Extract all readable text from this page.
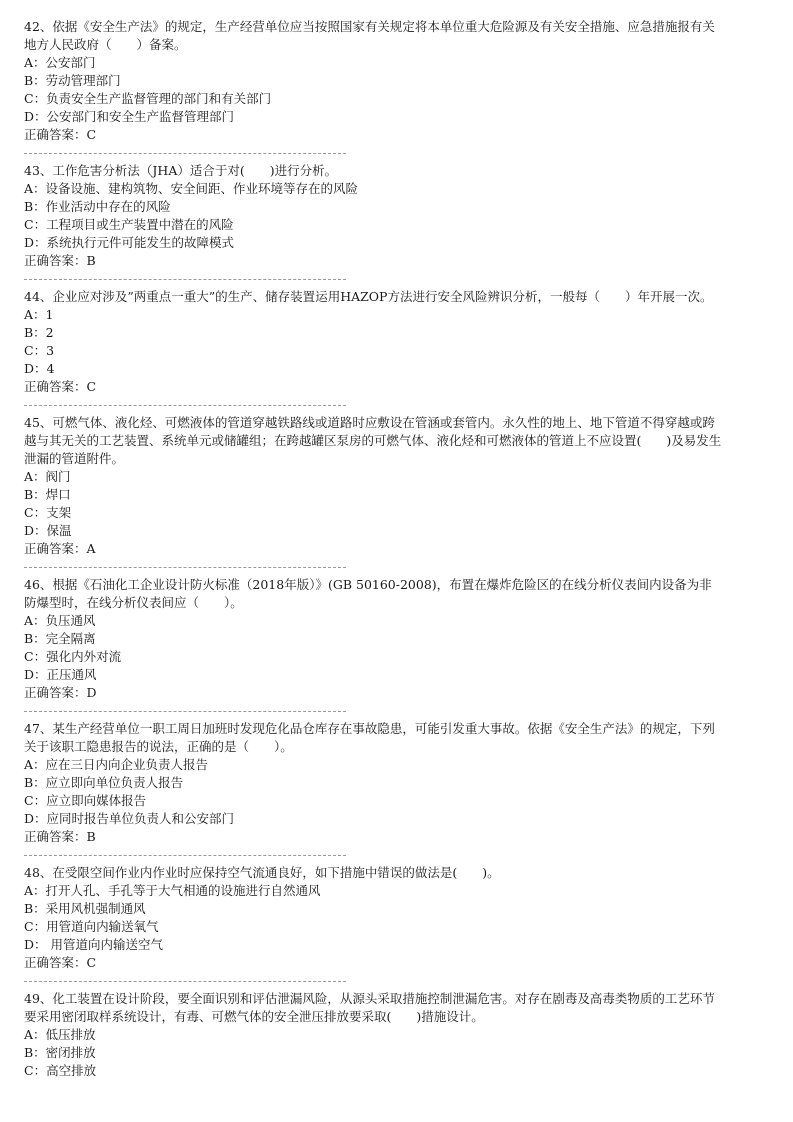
42、依据《安全生产法》的规定，生产经营单位应当按照国家有关规定将本单位重大危险源及有关安全措施、应急措施报有关地方人民政府（　　）备案。
A：公安部门
B：劳动管理部门
C：负责安全生产监督管理的部门和有关部门
D：公安部门和安全生产监督管理部门
正确答案：C
43、工作危害分析法（JHA）适合于对(　　)进行分析。
A：设备设施、建构筑物、安全间距、作业环境等存在的风险
B：作业活动中存在的风险
C：工程项目或生产装置中潜在的风险
D：系统执行元件可能发生的故障模式
正确答案：B
44、企业应对涉及”两重点一重大”的生产、储存装置运用HAZOP方法进行安全风险辨识分析，一般每（　　）年开展一次。
A：1
B：2
C：3
D：4
正确答案：C
45、可燃气体、液化烃、可燃液体的管道穿越铁路线或道路时应敷设在管涵或套管内。永久性的地上、地下管道不得穿越或跨越与其无关的工艺装置、系统单元或储罐组；在跨越罐区泵房的可燃气体、液化烃和可燃液体的管道上不应设置(　　)及易发生泄漏的管道附件。
A：阀门
B：焊口
C：支架
D：保温
正确答案：A
46、根据《石油化工企业设计防火标准（2018年版）》(GB 50160-2008)，布置在爆炸危险区的在线分析仪表间内设备为非防爆型时，在线分析仪表间应（　　）。
A：负压通风
B：完全隔离
C：强化内外对流
D：正压通风
正确答案：D
47、某生产经营单位一职工周日加班时发现危化品仓库存在事故隐患，可能引发重大事故。依据《安全生产法》的规定，下列关于该职工隐患报告的说法，正确的是（　　）。
A：应在三日内向企业负责人报告
B：应立即向单位负责人报告
C：应立即向媒体报告
D：应同时报告单位负责人和公安部门
正确答案：B
48、在受限空间作业内作业时应保持空气流通良好，如下措施中错误的做法是(　　)。
A：打开人孔、手孔等于大气相通的设施进行自然通风
B：采用风机强制通风
C：用管道向内输送氧气
D： 用管道向内输送空气
正确答案：C
49、化工装置在设计阶段，要全面识别和评估泄漏风险，从源头采取措施控制泄漏危害。对存在剧毒及高毒类物质的工艺环节要采用密闭取样系统设计，有毒、可燃气体的安全泄压排放要采取(　　)措施设计。
A：低压排放
B：密闭排放
C：高空排放
